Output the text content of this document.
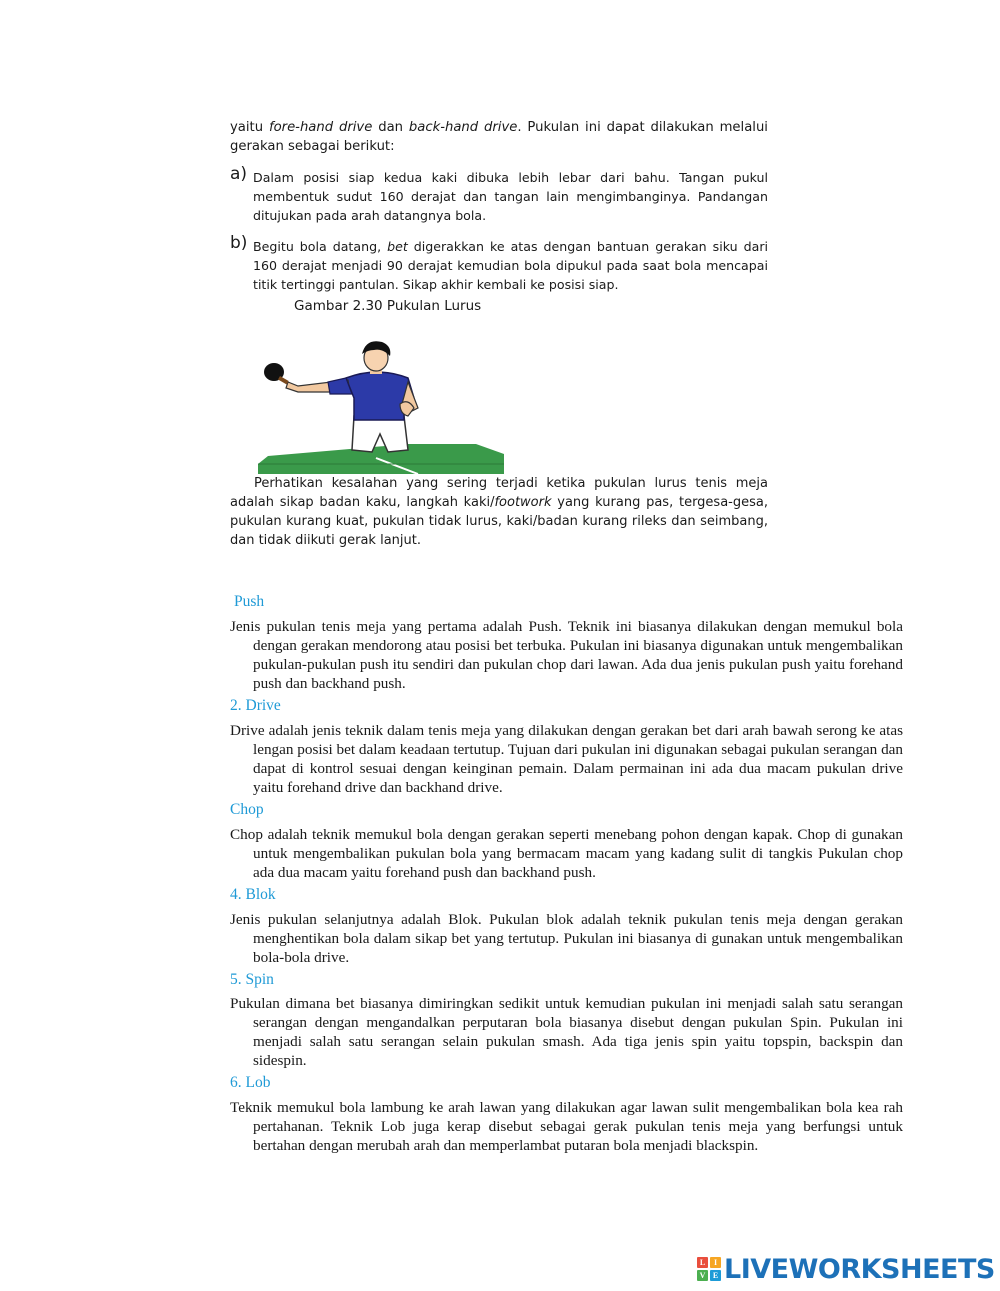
yaitu fore-hand drive dan back-hand drive. Pukulan ini dapat dilakukan melalui gerakan sebagai berikut:

a) Dalam posisi siap kedua kaki dibuka lebih lebar dari bahu. Tangan pukul membentuk sudut 160 derajat dan tangan lain mengimbanginya. Pandangan ditujukan pada arah datangnya bola.
b) Begitu bola datang, bet digerakkan ke atas dengan bantuan gerakan siku dari 160 derajat menjadi 90 derajat kemudian bola dipukul pada saat bola mencapai titik tertinggi pantulan. Sikap akhir kembali ke posisi siap.
Gambar 2.30 Pukulan Lurus

Perhatikan kesalahan yang sering terjadi ketika pukulan lurus tenis meja adalah sikap badan kaku, langkah kaki/footwork yang kurang pas, tergesa-gesa, pukulan kurang kuat, pukulan tidak lurus, kaki/badan kurang rileks dan seimbang, dan tidak diikuti gerak lanjut.

Push

Jenis pukulan tenis meja yang pertama adalah Push. Teknik ini biasanya dilakukan dengan memukul bola dengan gerakan mendorong atau posisi bet terbuka. Pukulan ini biasanya digunakan untuk mengembalikan pukulan-pukulan push itu sendiri dan pukulan chop dari lawan. Ada dua jenis pukulan push yaitu forehand push dan backhand push.

2. Drive

Drive adalah jenis teknik dalam tenis meja yang dilakukan dengan gerakan bet dari arah bawah serong ke atas lengan posisi bet dalam keadaan tertutup. Tujuan dari pukulan ini digunakan sebagai pukulan serangan dan dapat di kontrol sesuai dengan keinginan pemain. Dalam permainan ini ada dua macam pukulan drive yaitu forehand drive dan backhand drive.

Chop

Chop adalah teknik memukul bola dengan gerakan seperti menebang pohon dengan kapak. Chop di gunakan untuk mengembalikan pukulan bola yang bermacam macam yang kadang sulit di tangkis Pukulan chop ada dua macam yaitu forehand push dan backhand push.

4. Blok

Jenis pukulan selanjutnya adalah Blok. Pukulan blok adalah teknik pukulan tenis meja dengan gerakan menghentikan bola dalam sikap bet yang tertutup. Pukulan ini biasanya di gunakan untuk mengembalikan bola-bola drive.

5. Spin

Pukulan dimana bet biasanya dimiringkan sedikit untuk kemudian pukulan ini menjadi salah satu serangan serangan dengan mengandalkan perputaran bola biasanya disebut dengan pukulan Spin. Pukulan ini menjadi salah satu serangan selain pukulan smash. Ada tiga jenis spin yaitu topspin, backspin dan sidespin.

6. Lob

Teknik memukul bola lambung ke arah lawan yang dilakukan agar lawan sulit mengembalikan bola kea rah pertahanan. Teknik Lob juga kerap disebut sebagai gerak pukulan tenis meja yang berfungsi untuk bertahan dengan merubah arah dan memperlambat putaran bola menjadi blackspin.

L	I
V E LIVEWORKSHEETS
